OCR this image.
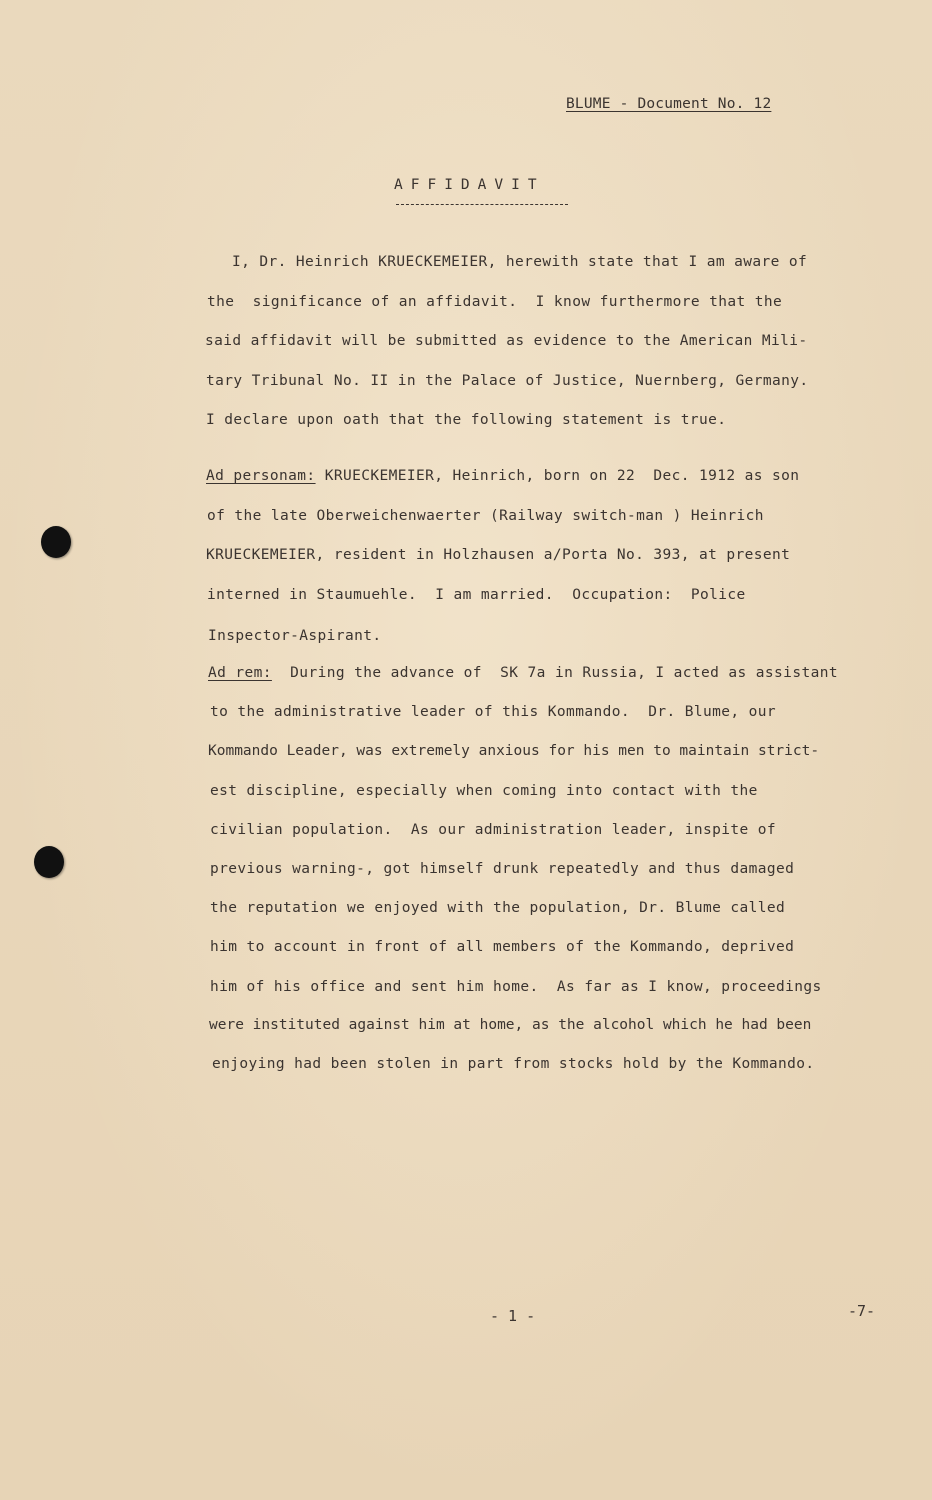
BLUME - Document No. 12
AFFIDAVIT
I, Dr. Heinrich KRUECKEMEIER, herewith state that I am aware of
the  significance of an affidavit.  I know furthermore that the
said affidavit will be submitted as evidence to the American Mili-
tary Tribunal No. II in the Palace of Justice, Nuernberg, Germany.
I declare upon oath that the following statement is true.
Ad personam: KRUECKEMEIER, Heinrich, born on 22  Dec. 1912 as son
of the late Oberweichenwaerter (Railway switch-man ) Heinrich
KRUECKEMEIER, resident in Holzhausen a/Porta No. 393, at present
interned in Staumuehle.  I am married.  Occupation:  Police
Inspector-Aspirant.
Ad rem:  During the advance of  SK 7a in Russia, I acted as assistant
to the administrative leader of this Kommando.  Dr. Blume, our
Kommando Leader, was extremely anxious for his men to maintain strict-
est discipline, especially when coming into contact with the
civilian population.  As our administration leader, inspite of
previous warning-, got himself drunk repeatedly and thus damaged
the reputation we enjoyed with the population, Dr. Blume called
him to account in front of all members of the Kommando, deprived
him of his office and sent him home.  As far as I know, proceedings
were instituted against him at home, as the alcohol which he had been
enjoying had been stolen in part from stocks hold by the Kommando.
- 1 -	-7-
